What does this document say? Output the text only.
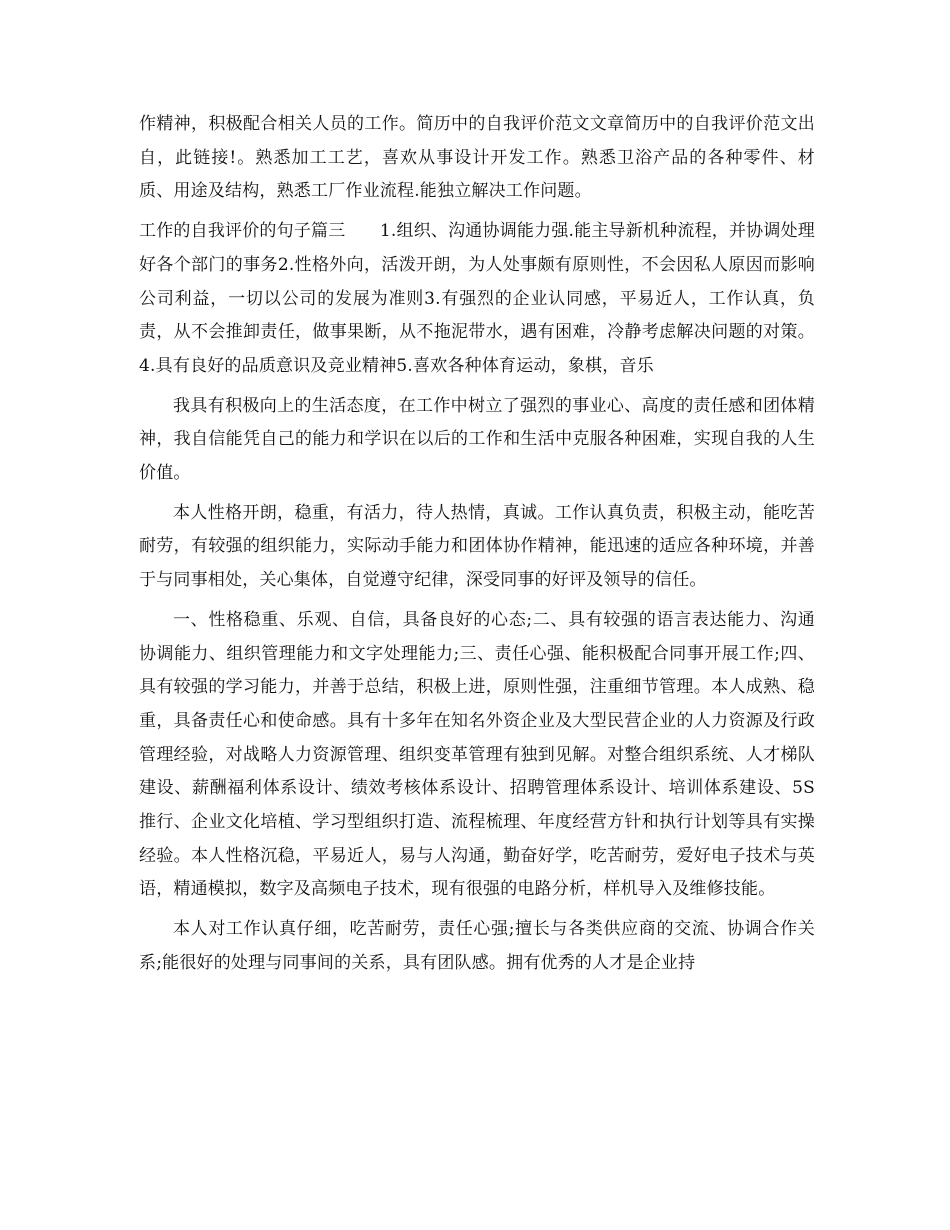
作精神，积极配合相关人员的工作。简历中的自我评价范文文章简历中的自我评价范文出自，此链接!。熟悉加工工艺，喜欢从事设计开发工作。熟悉卫浴产品的各种零件、材质、用途及结构，熟悉工厂作业流程.能独立解决工作问题。

工作的自我评价的句子篇三　　1.组织、沟通协调能力强.能主导新机种流程，并协调处理好各个部门的事务2.性格外向，活泼开朗，为人处事颇有原则性，不会因私人原因而影响公司利益，一切以公司的发展为准则3.有强烈的企业认同感，平易近人，工作认真，负责，从不会推卸责任，做事果断，从不拖泥带水，遇有困难，冷静考虑解决问题的对策。4.具有良好的品质意识及竞业精神5.喜欢各种体育运动，象棋，音乐

我具有积极向上的生活态度，在工作中树立了强烈的事业心、高度的责任感和团体精神，我自信能凭自己的能力和学识在以后的工作和生活中克服各种困难，实现自我的人生价值。

本人性格开朗，稳重，有活力，待人热情，真诚。工作认真负责，积极主动，能吃苦耐劳，有较强的组织能力，实际动手能力和团体协作精神，能迅速的适应各种环境，并善于与同事相处，关心集体，自觉遵守纪律，深受同事的好评及领导的信任。

一、性格稳重、乐观、自信，具备良好的心态;二、具有较强的语言表达能力、沟通协调能力、组织管理能力和文字处理能力;三、责任心强、能积极配合同事开展工作;四、具有较强的学习能力，并善于总结，积极上进，原则性强，注重细节管理。本人成熟、稳重，具备责任心和使命感。具有十多年在知名外资企业及大型民营企业的人力资源及行政管理经验，对战略人力资源管理、组织变革管理有独到见解。对整合组织系统、人才梯队建设、薪酬福利体系设计、绩效考核体系设计、招聘管理体系设计、培训体系建设、5S推行、企业文化培植、学习型组织打造、流程梳理、年度经营方针和执行计划等具有实操经验。本人性格沉稳，平易近人，易与人沟通，勤奋好学，吃苦耐劳，爱好电子技术与英语，精通模拟，数字及高频电子技术，现有很强的电路分析，样机导入及维修技能。

本人对工作认真仔细，吃苦耐劳，责任心强;擅长与各类供应商的交流、协调合作关系;能很好的处理与同事间的关系，具有团队感。拥有优秀的人才是企业持
